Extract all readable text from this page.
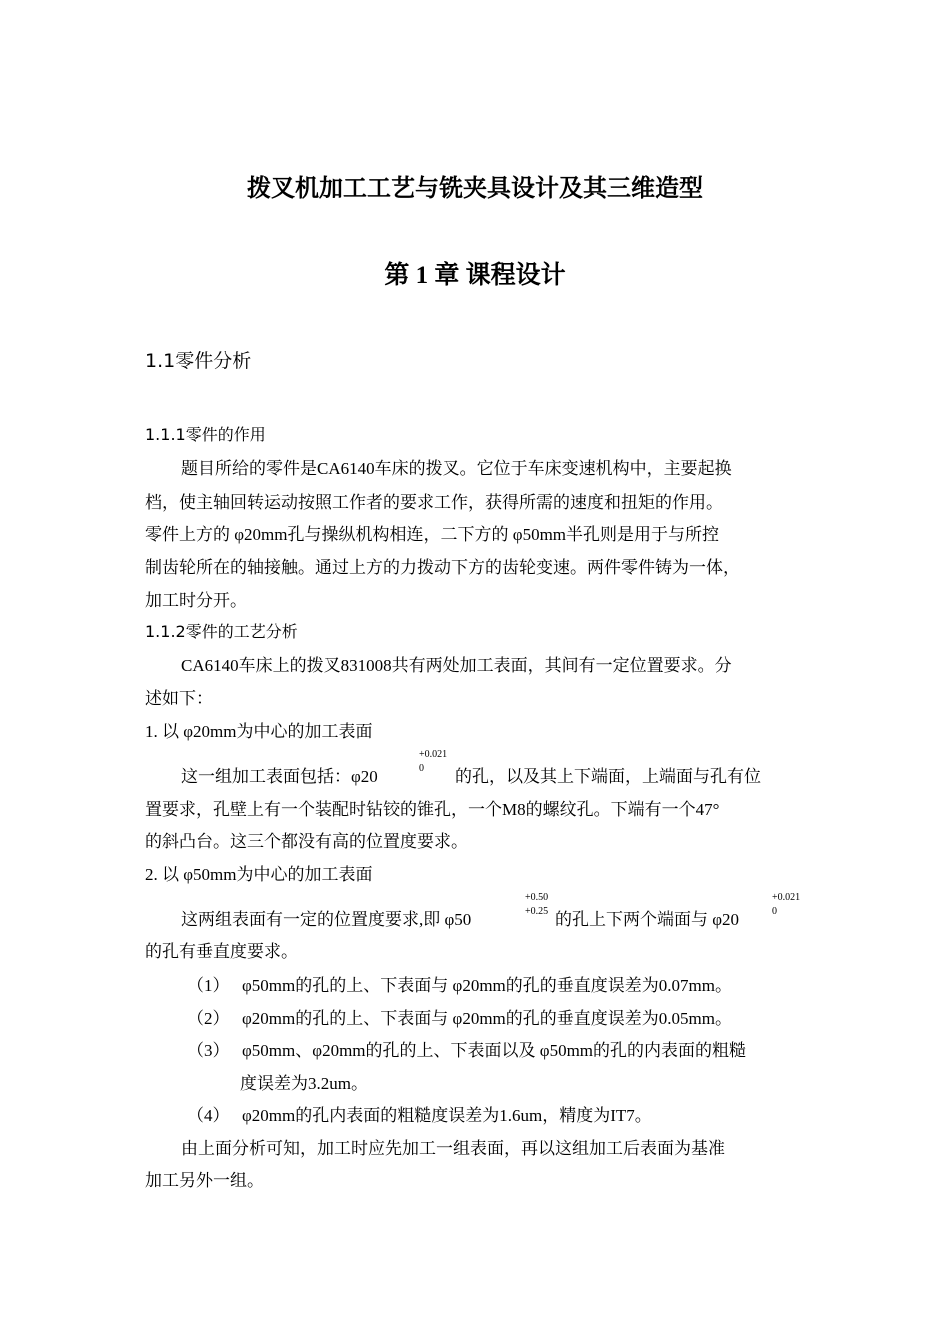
拨叉机加工工艺与铣夹具设计及其三维造型
第 1 章 课程设计
1.1零件分析
1.1.1零件的作用
题目所给的零件是CA6140车床的拨叉。它位于车床变速机构中，主要起换
档，使主轴回转运动按照工作者的要求工作，获得所需的速度和扭矩的作用。
零件上方的 φ20mm孔与操纵机构相连，二下方的 φ50mm半孔则是用于与所控
制齿轮所在的轴接触。通过上方的力拨动下方的齿轮变速。两件零件铸为一体，
加工时分开。
1.1.2零件的工艺分析
CA6140车床上的拨叉831008共有两处加工表面，其间有一定位置要求。分
述如下：
1. 以 φ20mm为中心的加工表面
这一组加工表面包括：φ20
+0.021
0 的孔，以及其上下端面，上端面与孔有位
置要求，孔壁上有一个装配时钻铰的锥孔，一个M8的螺纹孔。下端有一个47°
的斜凸台。这三个都没有高的位置度要求。
2. 以 φ50mm为中心的加工表面
这两组表面有一定的位置度要求,即 φ50
+0.50
+0.25 的孔上下两个端面与 φ20
+0.021
0
的孔有垂直度要求。
（1） φ50mm的孔的上、下表面与 φ20mm的孔的垂直度误差为0.07mm。
（2） φ20mm的孔的上、下表面与 φ20mm的孔的垂直度误差为0.05mm。
（3） φ50mm、φ20mm的孔的上、下表面以及 φ50mm的孔的内表面的粗糙
度误差为3.2um。
（4） φ20mm的孔内表面的粗糙度误差为1.6um，精度为IT7。
由上面分析可知，加工时应先加工一组表面，再以这组加工后表面为基准
加工另外一组。
